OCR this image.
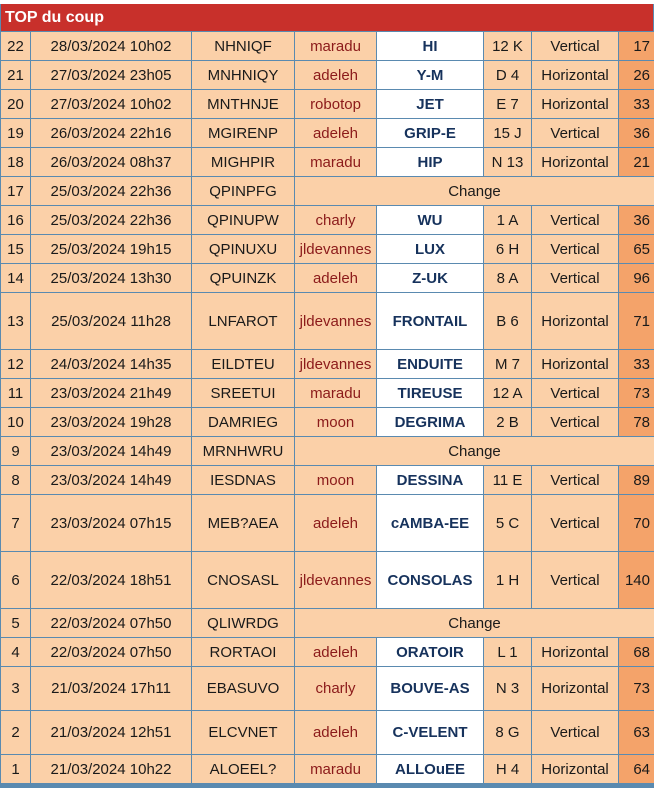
TOP du coup
22	28/03/2024 10h02	NHNIQF	maradu	HI	12 K	Vertical	17
21	27/03/2024 23h05	MNHNIQY	adeleh	Y-M	D 4	Horizontal	26
20	27/03/2024 10h02	MNTHNJE	robotop	JET	E 7	Horizontal	33
19	26/03/2024 22h16	MGIRENP	adeleh	GRIP-E	15 J	Vertical	36
18	26/03/2024 08h37	MIGHPIR	maradu	HIP	N 13	Horizontal	21
17	25/03/2024 22h36	QPINPFG	Change				
16	25/03/2024 22h36	QPINUPW	charly	WU	1 A	Vertical	36
15	25/03/2024 19h15	QPINUXU	jldevannes	LUX	6 H	Vertical	65
14	25/03/2024 13h30	QPUINZK	adeleh	Z-UK	8 A	Vertical	96
13	25/03/2024 11h28	LNFAROT	jldevannes	FRONTAIL	B 6	Horizontal	71
12	24/03/2024 14h35	EILDTEU	jldevannes	ENDUITE	M 7	Horizontal	33
11	23/03/2024 21h49	SREETUI	maradu	TIREUSE	12 A	Vertical	73
10	23/03/2024 19h28	DAMRIEG	moon	DEGRIMA	2 B	Vertical	78
9	23/03/2024 14h49	MRNHWRU	Change				
8	23/03/2024 14h49	IESDNAS	moon	DESSINA	11 E	Vertical	89
7	23/03/2024 07h15	MEB?AEA	adeleh	cAMBA-EE	5 C	Vertical	70
6	22/03/2024 18h51	CNOSASL	jldevannes	CONSOLAS	1 H	Vertical	140
5	22/03/2024 07h50	QLIWRDG	Change				
4	22/03/2024 07h50	RORTAOI	adeleh	ORATOIR	L 1	Horizontal	68
3	21/03/2024 17h11	EBASUVO	charly	BOUVE-AS	N 3	Horizontal	73
2	21/03/2024 12h51	ELCVNET	adeleh	C-VELENT	8 G	Vertical	63
1	21/03/2024 10h22	ALOEEL?	maradu	ALLOuEE	H 4	Horizontal	64
